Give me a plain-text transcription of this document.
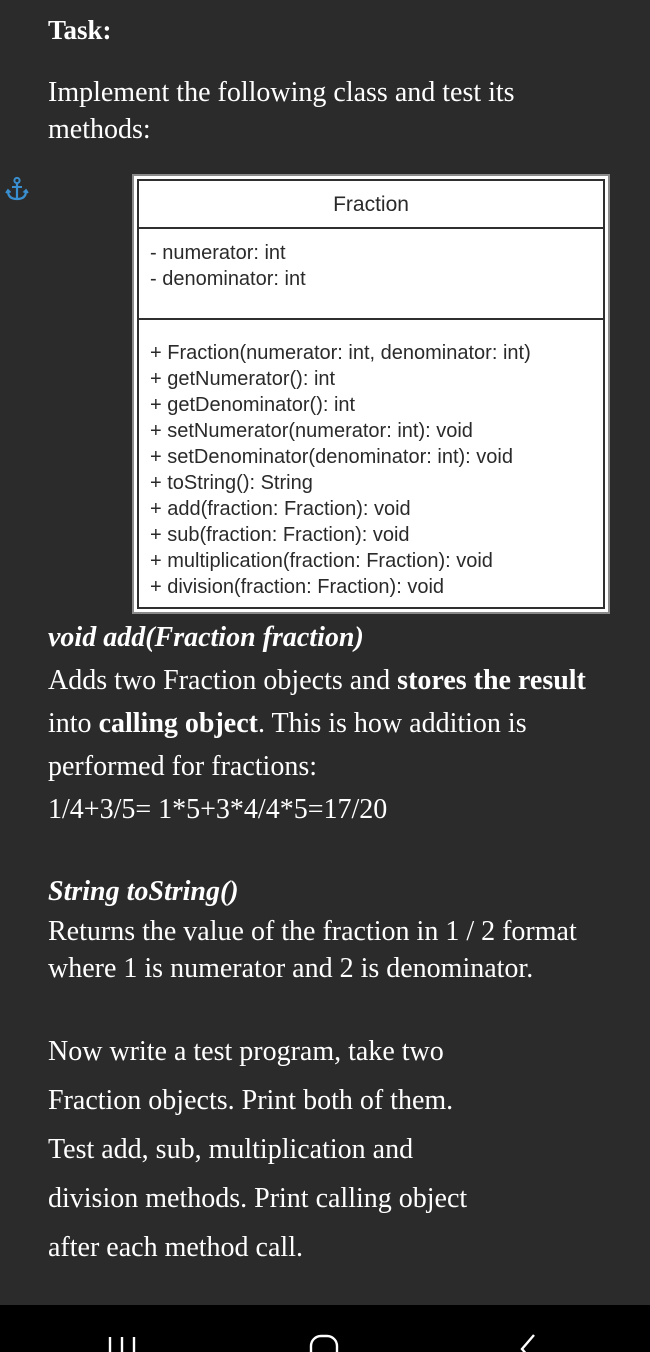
Task:
Implement the following class and test its
methods:
Fraction
- numerator: int
- denominator: int
+ Fraction(numerator: int, denominator: int)
+ getNumerator(): int
+ getDenominator(): int
+ setNumerator(numerator: int): void
+ setDenominator(denominator: int): void
+ toString(): String
+ add(fraction: Fraction): void
+ sub(fraction: Fraction): void
+ multiplication(fraction: Fraction): void
+ division(fraction: Fraction): void
void add(Fraction fraction)
Adds two Fraction objects and stores the result into calling object. This is how addition is performed for fractions:
1/4+3/5= 1*5+3*4/4*5=17/20
String toString()
Returns the value of the fraction in 1 / 2 format
where 1 is numerator and 2 is denominator.
Now write a test program, take two
Fraction objects. Print both of them.
Test add, sub, multiplication and
division methods. Print calling object
after each method call.
